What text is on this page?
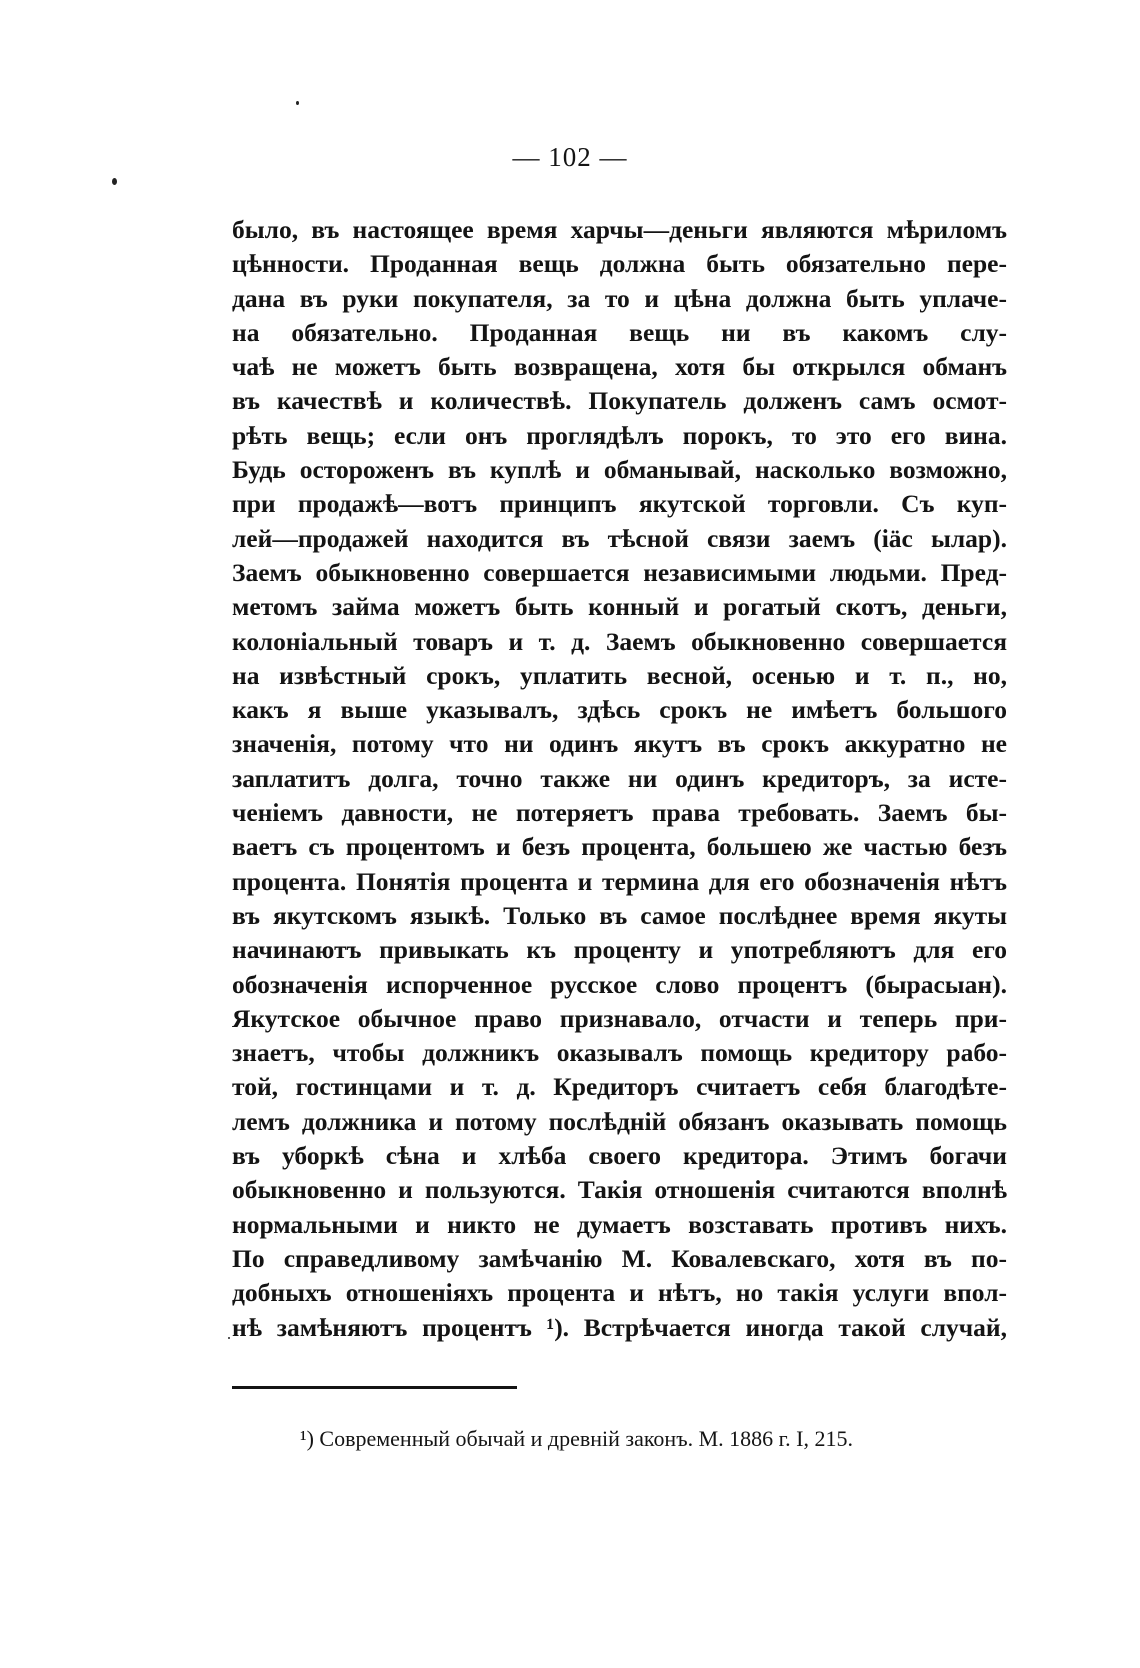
— 102 —
было, въ настоящее время харчы—деньги являются мѣриломъ
цѣнности. Проданная вещь должна быть обязательно пере-
дана въ руки покупателя, за то и цѣна должна быть уплаче-
на обязательно. Проданная вещь ни въ какомъ слу-
чаѣ не можетъ быть возвращена, хотя бы открылся обманъ
въ качествѣ и количествѣ. Покупатель долженъ самъ осмот-
рѣть вещь; если онъ проглядѣлъ порокъ, то это его вина.
Будь остороженъ въ куплѣ и обманывай, насколько возможно,
при продажѣ—вотъ принципъ якутской торговли. Съ куп-
лей—продажей находится въ тѣсной связи заемъ (іäс ылар).
Заемъ обыкновенно совершается независимыми людьми. Пред-
метомъ займа можетъ быть конный и рогатый скотъ, деньги,
колоніальный товаръ и т. д. Заемъ обыкновенно совершается
на извѣстный срокъ, уплатить весной, осенью и т. п., но,
какъ я выше указывалъ, здѣсь срокъ не имѣетъ большого
значенія, потому что ни одинъ якутъ въ срокъ аккуратно не
заплатитъ долга, точно также ни одинъ кредиторъ, за исте-
ченіемъ давности, не потеряетъ права требовать. Заемъ бы-
ваетъ съ процентомъ и безъ процента, большею же частью безъ
процента. Понятія процента и термина для его обозначенія нѣтъ
въ якутскомъ языкѣ. Только въ самое послѣднее время якуты
начинаютъ привыкать къ проценту и употребляютъ для его
обозначенія испорченное русское слово процентъ (бырасыан).
Якутское обычное право признавало, отчасти и теперь при-
знаетъ, чтобы должникъ оказывалъ помощь кредитору рабо-
той, гостинцами и т. д. Кредиторъ считаетъ себя благодѣте-
лемъ должника и потому послѣдній обязанъ оказывать помощь
въ уборкѣ сѣна и хлѣба своего кредитора. Этимъ богачи
обыкновенно и пользуются. Такія отношенія считаются вполнѣ
нормальными и никто не думаетъ возставать противъ нихъ.
По справедливому замѣчанію М. Ковалевскаго, хотя въ по-
добныхъ отношеніяхъ процента и нѣтъ, но такія услуги впол-
нѣ замѣняютъ процентъ ¹). Встрѣчается иногда такой случай,
¹) Современный обычай и древній законъ. М. 1886 г. I, 215.
